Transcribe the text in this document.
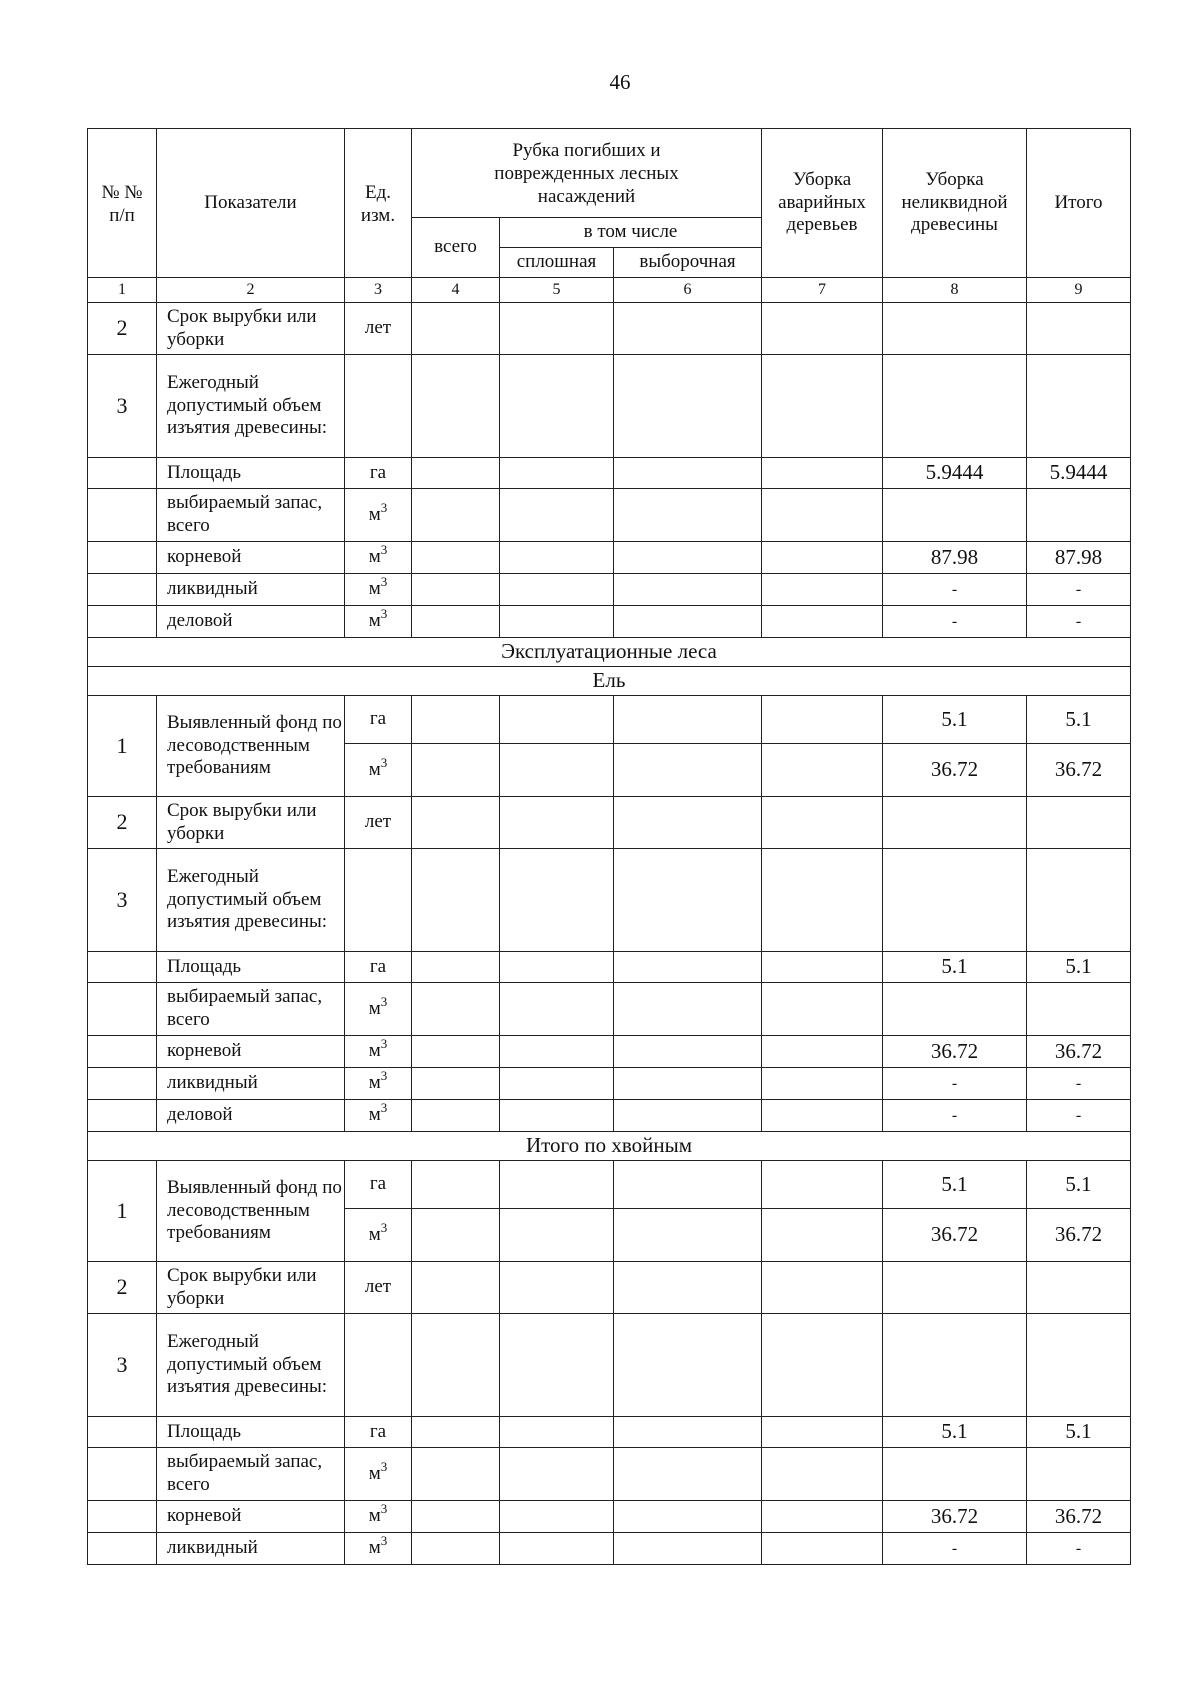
46
№ № п/п	Показатели	Ед. изм.	Рубка погибших и поврежденных лесных насаждений			Уборка аварийных деревьев	Уборка неликвидной древесины	Итого
			всего	в том числе				
				сплошная	выборочная			
1	2	3	4	5	6	7	8	9
2	Срок вырубки или уборки	лет						
3	Ежегодный допустимый объем изъятия древесины:							
	Площадь	га					5.9444	5.9444
	выбираемый запас, всего	$м^3$						
	корневой	$м^3$					87.98	87.98
	ликвидный	$м^3$					-	-
	деловой	$м^3$					-	-
Эксплуатационные леса								
Ель								
1	Выявленный фонд по лесоводственным требованиям	га					5.1	5.1
		$м^3$					36.72	36.72
2	Срок вырубки или уборки	лет						
3	Ежегодный допустимый объем изъятия древесины:							
	Площадь	га					5.1	5.1
	выбираемый запас, всего	$м^3$						
	корневой	$м^3$					36.72	36.72
	ликвидный	$м^3$					-	-
	деловой	$м^3$					-	-
Итого по хвойным								
1	Выявленный фонд по лесоводственным требованиям	га					5.1	5.1
		$м^3$					36.72	36.72
2	Срок вырубки или уборки	лет						
3	Ежегодный допустимый объем изъятия древесины:							
	Площадь	га					5.1	5.1
	выбираемый запас, всего	$м^3$						
	корневой	$м^3$					36.72	36.72
	ликвидный	$м^3$					-	-
